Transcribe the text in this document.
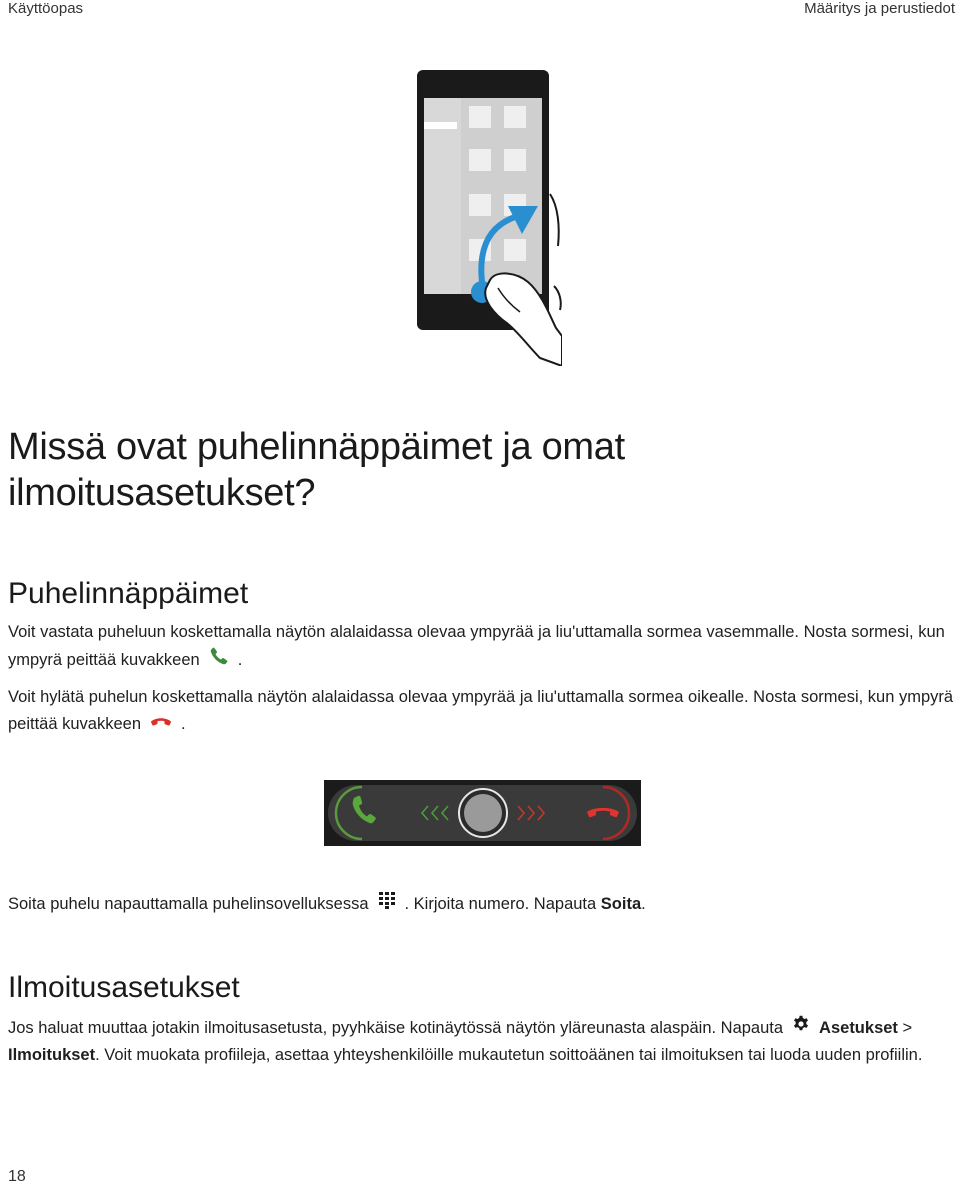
Käyttöopas	Määritys ja perustiedot
Missä ovat puhelinnäppäimet ja omat
ilmoitusasetukset?
Puhelinnäppäimet

Voit vastata puheluun koskettamalla näytön alalaidassa olevaa ympyrää ja liu'uttamalla sormea vasemmalle. Nosta sormesi, kun ympyrä peittää kuvakkeen .

Voit hylätä puhelun koskettamalla näytön alalaidassa olevaa ympyrää ja liu'uttamalla sormea oikealle. Nosta sormesi, kun ympyrä peittää kuvakkeen .

Soita puhelu napauttamalla puhelinsovelluksessa . Kirjoita numero. Napauta Soita.

Ilmoitusasetukset

Jos haluat muuttaa jotakin ilmoitusasetusta, pyyhkäise kotinäytössä näytön yläreunasta alaspäin. Napauta Asetukset > Ilmoitukset. Voit muokata profiileja, asettaa yhteyshenkilöille mukautetun soittoäänen tai ilmoituksen tai luoda uuden profiilin.

18
